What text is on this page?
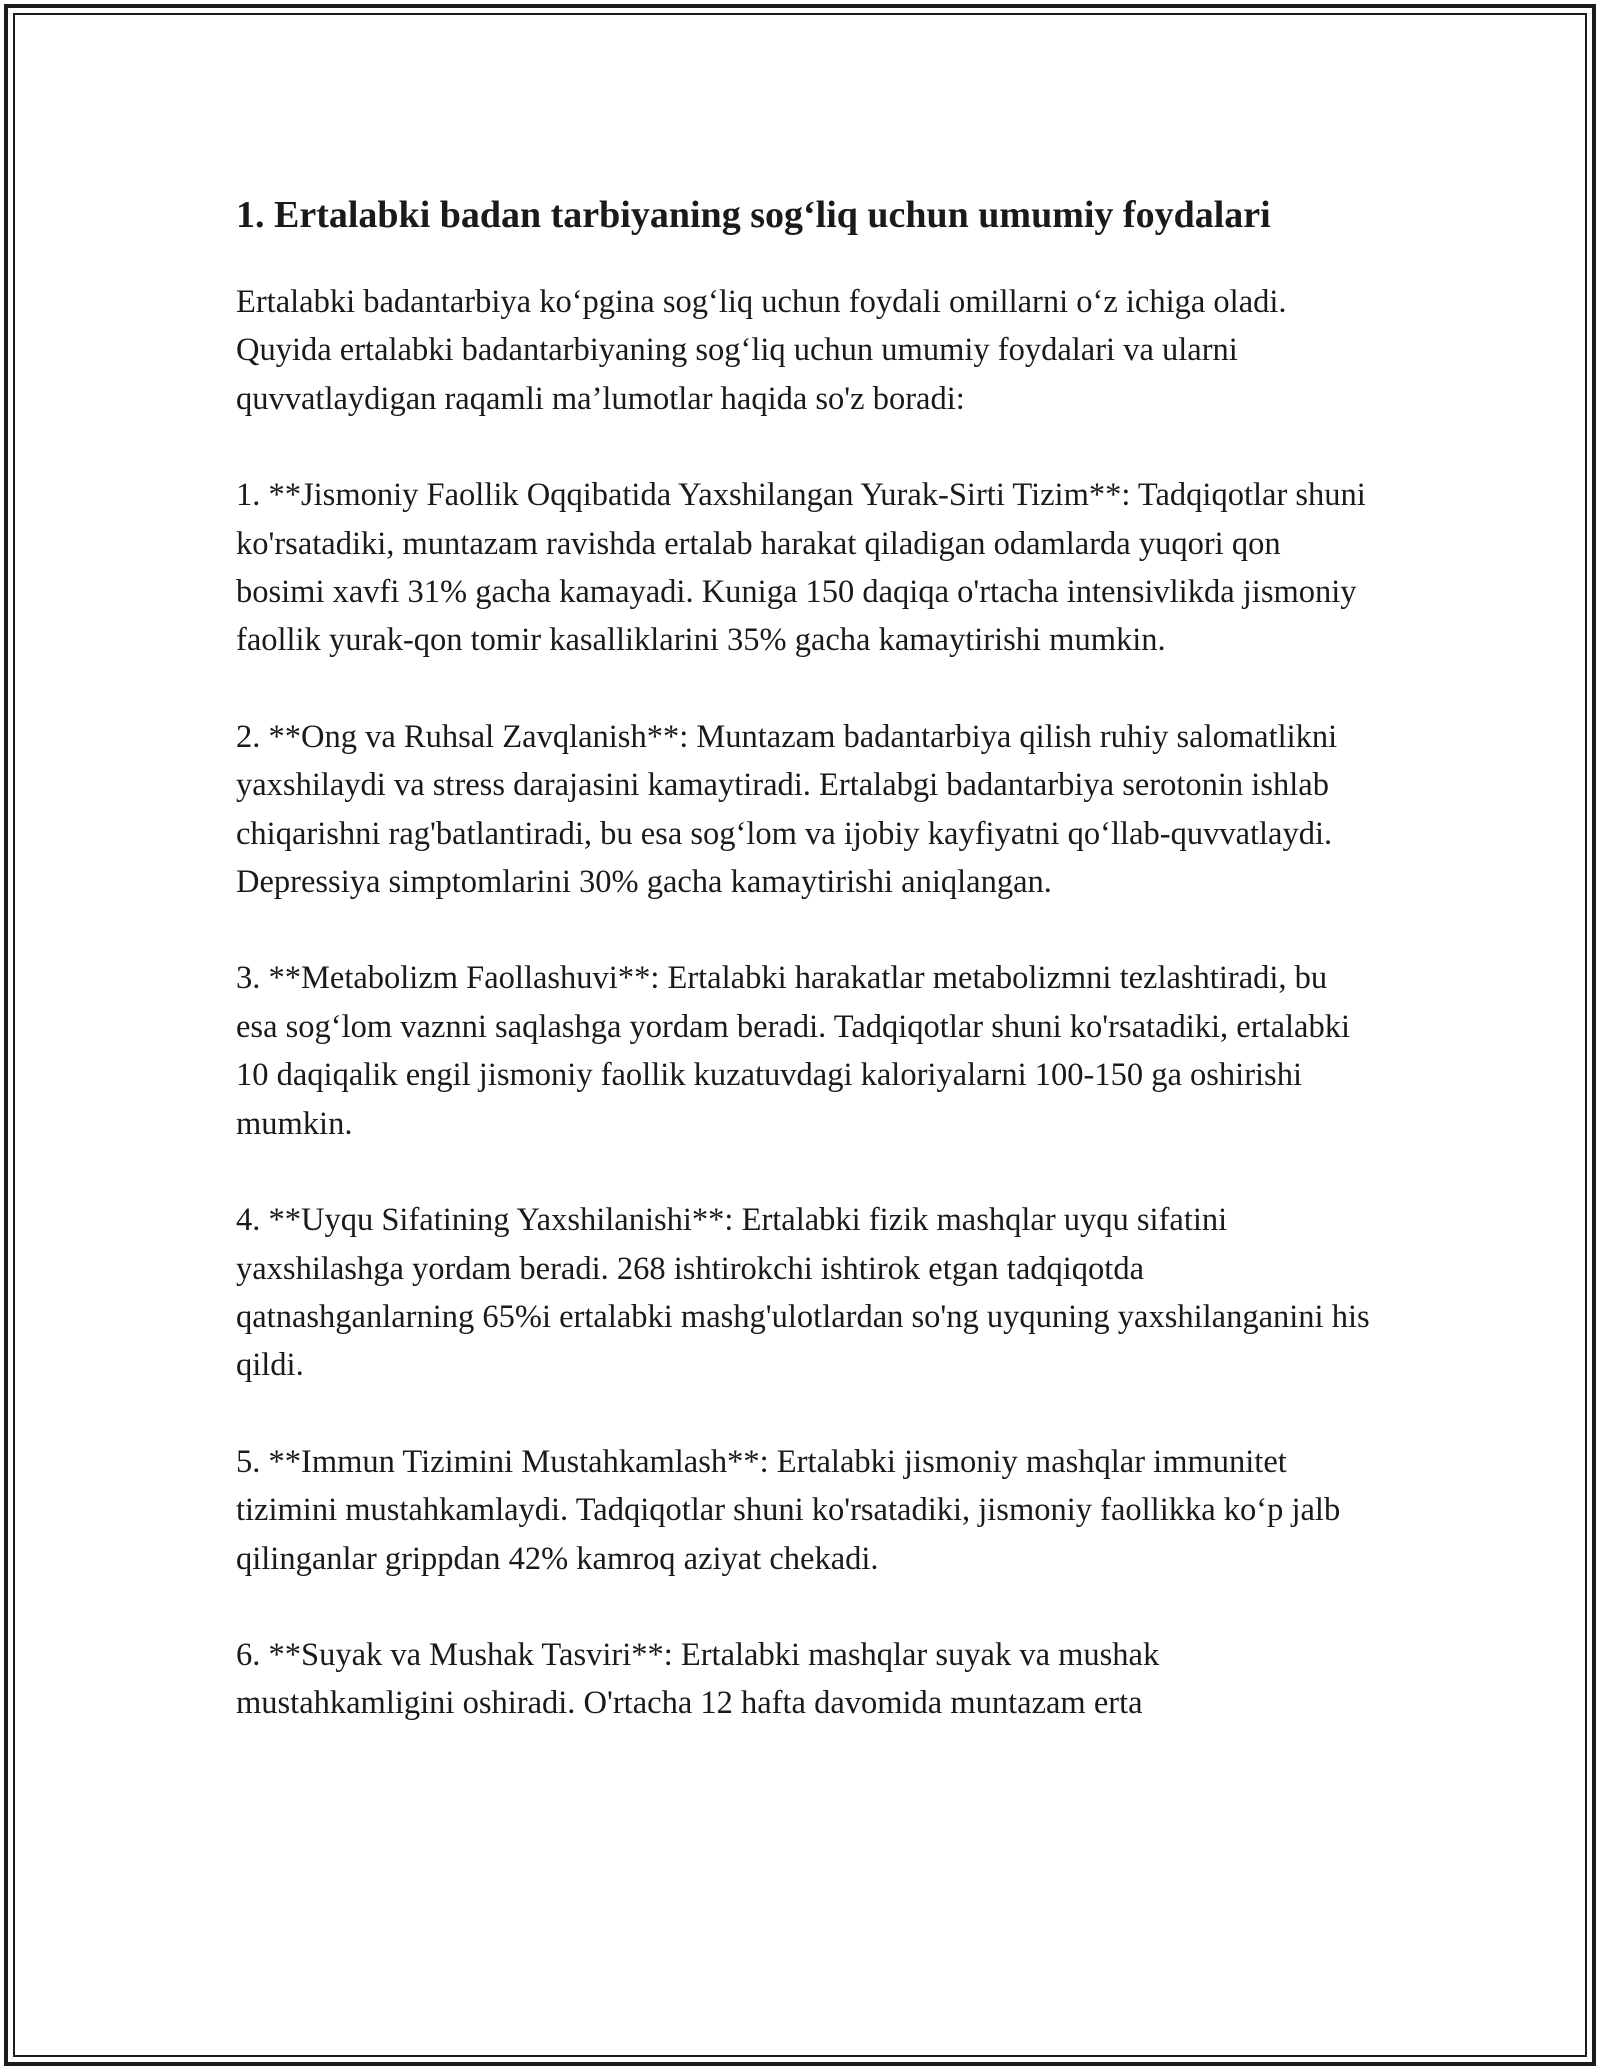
1. Ertalabki badan tarbiyaning sog‘liq uchun umumiy foydalari

Ertalabki badantarbiya ko‘pgina sog‘liq uchun foydali omillarni o‘z ichiga oladi. Quyida ertalabki badantarbiyaning sog‘liq uchun umumiy foydalari va ularni quvvatlaydigan raqamli ma’lumotlar haqida so'z boradi:

1. **Jismoniy Faollik Oqqibatida Yaxshilangan Yurak-Sirti Tizim**: Tadqiqotlar shuni ko'rsatadiki, muntazam ravishda ertalab harakat qiladigan odamlarda yuqori qon bosimi xavfi 31% gacha kamayadi. Kuniga 150 daqiqa o'rtacha intensivlikda jismoniy faollik yurak-qon tomir kasalliklarini 35% gacha kamaytirishi mumkin.

2. **Ong va Ruhsal Zavqlanish**: Muntazam badantarbiya qilish ruhiy salomatlikni yaxshilaydi va stress darajasini kamaytiradi. Ertalabgi badantarbiya serotonin ishlab chiqarishni rag'batlantiradi, bu esa sog‘lom va ijobiy kayfiyatni qo‘llab-quvvatlaydi. Depressiya simptomlarini 30% gacha kamaytirishi aniqlangan.

3. **Metabolizm Faollashuvi**: Ertalabki harakatlar metabolizmni tezlashtiradi, bu esa sog‘lom vaznni saqlashga yordam beradi. Tadqiqotlar shuni ko'rsatadiki, ertalabki 10 daqiqalik engil jismoniy faollik kuzatuvdagi kaloriyalarni 100-150 ga oshirishi mumkin.

4. **Uyqu Sifatining Yaxshilanishi**: Ertalabki fizik mashqlar uyqu sifatini yaxshilashga yordam beradi. 268 ishtirokchi ishtirok etgan tadqiqotda qatnashganlarning 65%i ertalabki mashg'ulotlardan so'ng uyquning yaxshilanganini his qildi.

5. **Immun Tizimini Mustahkamlash**: Ertalabki jismoniy mashqlar immunitet tizimini mustahkamlaydi. Tadqiqotlar shuni ko'rsatadiki, jismoniy faollikka ko‘p jalb qilinganlar grippdan 42% kamroq aziyat chekadi.

6. **Suyak va Mushak Tasviri**: Ertalabki mashqlar suyak va mushak mustahkamligini oshiradi. O'rtacha 12 hafta davomida muntazam erta
